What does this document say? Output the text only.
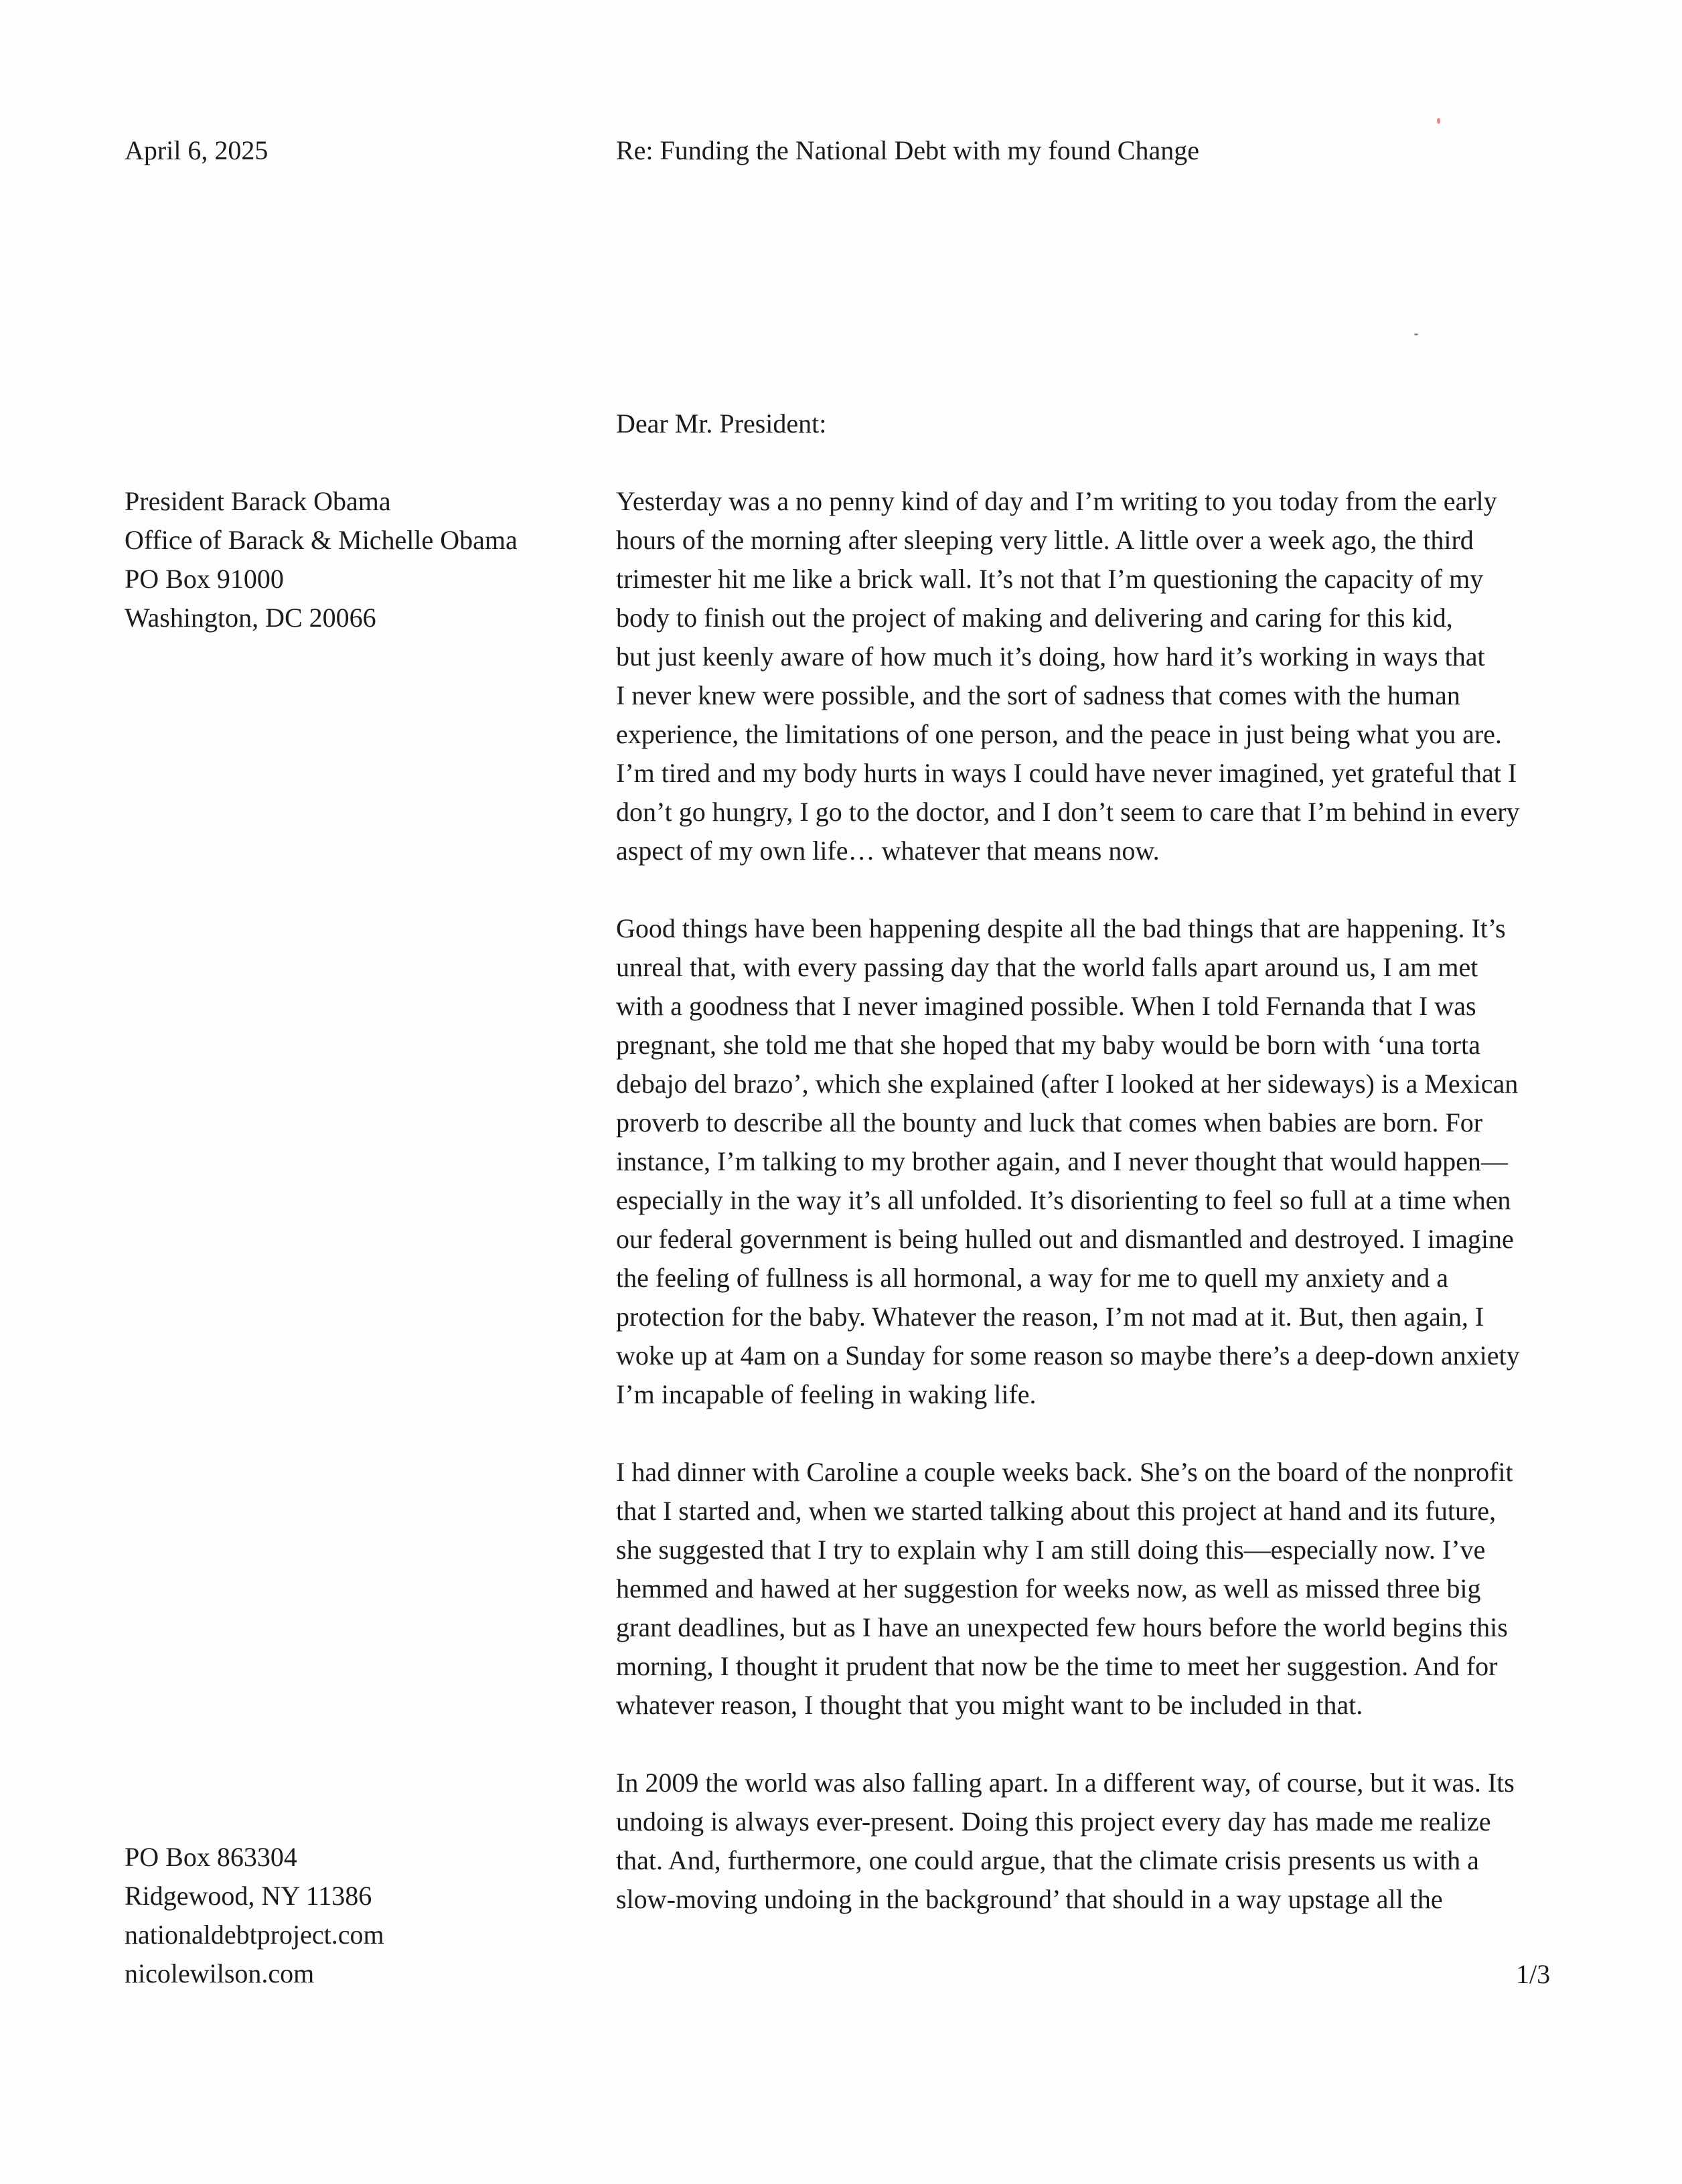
April 6, 2025	Re: Funding the National Debt with my found Change
Dear Mr. President:
President Barack Obama
Office of Barack & Michelle Obama
PO Box 91000
Washington, DC 20066

Yesterday was a no penny kind of day and I’m writing to you today from the early
hours of the morning after sleeping very little. A little over a week ago, the third
trimester hit me like a brick wall. It’s not that I’m questioning the capacity of my
body to finish out the project of making and delivering and caring for this kid,
but just keenly aware of how much it’s doing, how hard it’s working in ways that
I never knew were possible, and the sort of sadness that comes with the human
experience, the limitations of one person, and the peace in just being what you are.
I’m tired and my body hurts in ways I could have never imagined, yet grateful that I
don’t go hungry, I go to the doctor, and I don’t seem to care that I’m behind in every
aspect of my own life… whatever that means now.

Good things have been happening despite all the bad things that are happening. It’s
unreal that, with every passing day that the world falls apart around us, I am met
with a goodness that I never imagined possible. When I told Fernanda that I was
pregnant, she told me that she hoped that my baby would be born with ‘una torta
debajo del brazo’, which she explained (after I looked at her sideways) is a Mexican
proverb to describe all the bounty and luck that comes when babies are born. For
instance, I’m talking to my brother again, and I never thought that would happen—
especially in the way it’s all unfolded. It’s disorienting to feel so full at a time when
our federal government is being hulled out and dismantled and destroyed. I imagine
the feeling of fullness is all hormonal, a way for me to quell my anxiety and a
protection for the baby. Whatever the reason, I’m not mad at it. But, then again, I
woke up at 4am on a Sunday for some reason so maybe there’s a deep-down anxiety
I’m incapable of feeling in waking life.

I had dinner with Caroline a couple weeks back. She’s on the board of the nonprofit
that I started and, when we started talking about this project at hand and its future,
she suggested that I try to explain why I am still doing this—especially now. I’ve
hemmed and hawed at her suggestion for weeks now, as well as missed three big
grant deadlines, but as I have an unexpected few hours before the world begins this
morning, I thought it prudent that now be the time to meet her suggestion. And for
whatever reason, I thought that you might want to be included in that.

In 2009 the world was also falling apart. In a different way, of course, but it was. Its
undoing is always ever-present. Doing this project every day has made me realize
that. And, furthermore, one could argue, that the climate crisis presents us with a
slow-moving undoing in the background’ that should in a way upstage all the

PO Box 863304
Ridgewood, NY 11386
nationaldebtproject.com
nicolewilson.com	1/3
